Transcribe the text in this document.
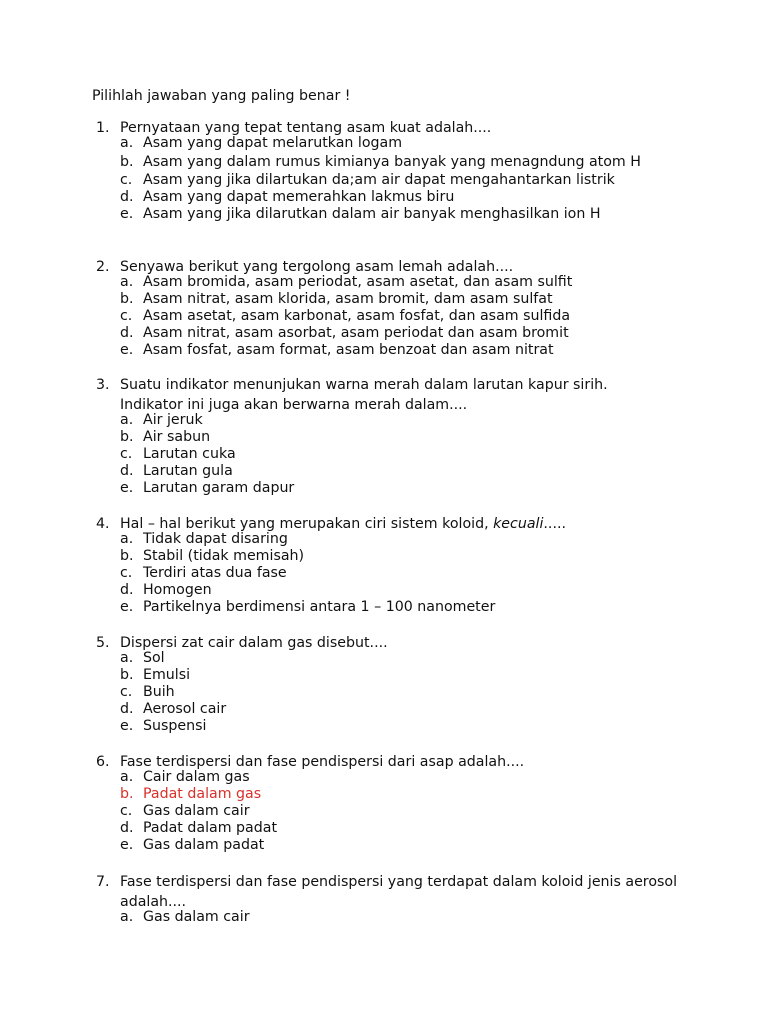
Pilihlah jawaban yang paling benar !
1. Pernyataan yang tepat tentang asam kuat adalah....
a. Asam yang dapat melarutkan logam
b. Asam yang dalam rumus kimianya banyak yang menagndung atom H
c. Asam yang jika dilartukan da;am air dapat mengahantarkan listrik
d. Asam yang dapat memerahkan lakmus biru
e. Asam yang jika dilarutkan dalam air banyak menghasilkan ion H
2. Senyawa berikut yang tergolong asam lemah adalah....
a. Asam bromida, asam periodat, asam asetat, dan asam sulfit
b. Asam nitrat, asam klorida, asam bromit, dam asam sulfat
c. Asam asetat, asam karbonat, asam fosfat, dan asam sulfida
d. Asam nitrat, asam asorbat, asam periodat dan asam bromit
e. Asam fosfat, asam format, asam benzoat dan asam nitrat
3. Suatu indikator menunjukan warna merah dalam larutan kapur sirih. Indikator ini juga akan berwarna merah dalam....
a. Air jeruk
b. Air sabun
c. Larutan cuka
d. Larutan gula
e. Larutan garam dapur
4. Hal – hal berikut yang merupakan ciri sistem koloid, kecuali.....
a. Tidak dapat disaring
b. Stabil (tidak memisah)
c. Terdiri atas dua fase
d. Homogen
e. Partikelnya berdimensi antara 1 – 100 nanometer
5. Dispersi zat cair dalam gas disebut....
a. Sol
b. Emulsi
c. Buih
d. Aerosol cair
e. Suspensi
6. Fase terdispersi dan fase pendispersi dari asap adalah....
a. Cair dalam gas
b. Padat dalam gas
c. Gas dalam cair
d. Padat dalam padat
e. Gas dalam padat
7. Fase terdispersi dan fase pendispersi yang terdapat dalam koloid jenis aerosol adalah....
a. Gas dalam cair
